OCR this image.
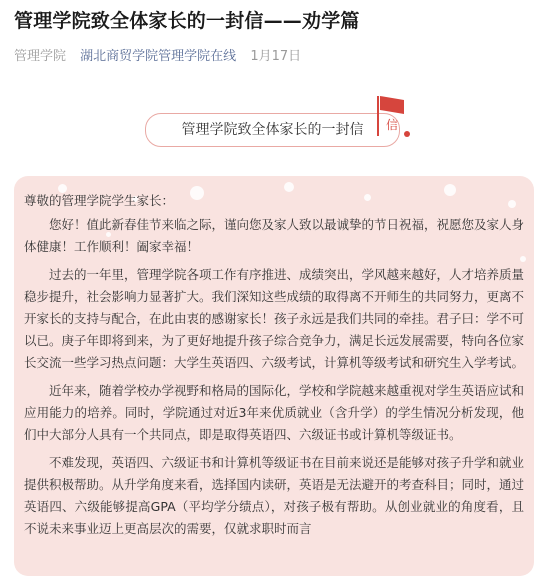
管理学院致全体家长的一封信——劝学篇
管理学院 湖北商贸学院管理学院在线 1月17日
管理学院致全体家长的一封信	信

尊敬的管理学院学生家长：

您好！值此新春佳节来临之际，谨向您及家人致以最诚挚的节日祝福，祝愿您及家人身体健康！工作顺利！阖家幸福！

过去的一年里，管理学院各项工作有序推进、成绩突出，学风越来越好，人才培养质量稳步提升，社会影响力显著扩大。我们深知这些成绩的取得离不开师生的共同努力，更离不开家长的支持与配合，在此由衷的感谢家长！孩子永远是我们共同的牵挂。君子曰：学不可以已。庚子年即将到来，为了更好地提升孩子综合竞争力，满足长远发展需要，特向各位家长交流一些学习热点问题：大学生英语四、六级考试，计算机等级考试和研究生入学考试。

近年来，随着学校办学视野和格局的国际化，学校和学院越来越重视对学生英语应试和应用能力的培养。同时，学院通过对近3年来优质就业（含升学）的学生情况分析发现，他们中大部分人具有一个共同点，即是取得英语四、六级证书或计算机等级证书。

不难发现，英语四、六级证书和计算机等级证书在目前来说还是能够对孩子升学和就业提供积极帮助。从升学角度来看，选择国内读研，英语是无法避开的考查科目；同时，通过英语四、六级能够提高GPA（平均学分绩点），对孩子极有帮助。从创业就业的角度看，且不说未来事业迈上更高层次的需要，仅就求职时而言
